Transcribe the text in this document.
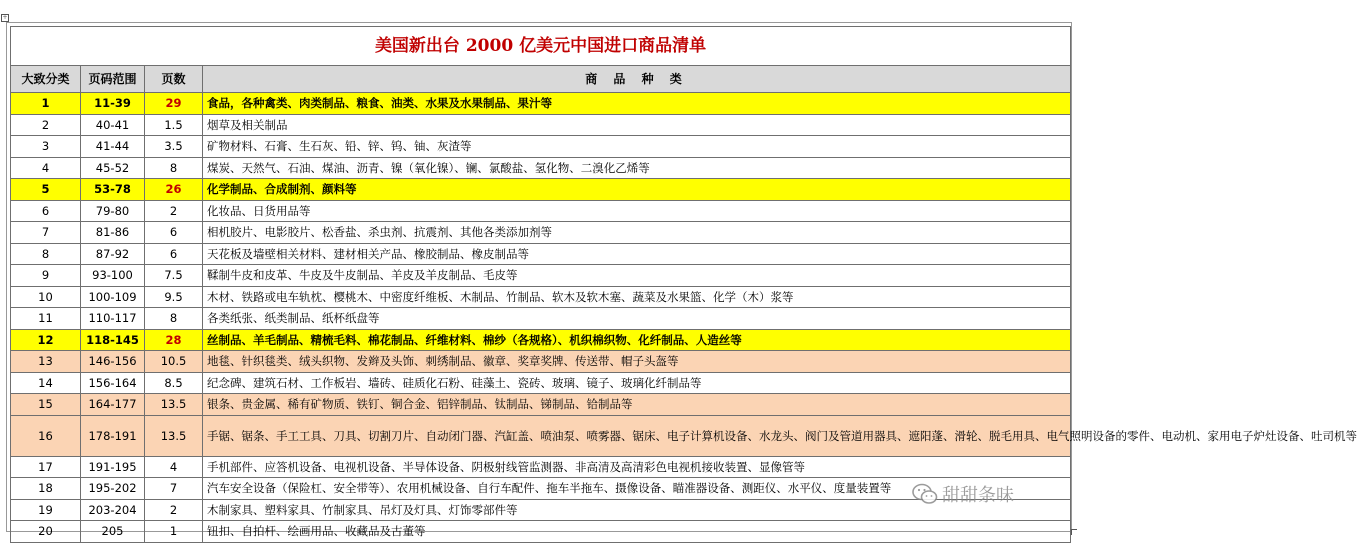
+
美国新出台 2000 亿美元中国进口商品清单			
大致分类	页码范围	页数	商 品 种 类
1	11-39	29	食品，各种禽类、肉类制品、粮食、油类、水果及水果制品、果汁等
2	40-41	1.5	烟草及相关制品
3	41-44	3.5	矿物材料、石膏、生石灰、铅、锌、钨、铀、灰渣等
4	45-52	8	煤炭、天然气、石油、煤油、沥青、镍（氧化镍）、镧、氯酸盐、氢化物、二溴化乙烯等
5	53-78	26	化学制品、合成制剂、颜料等
6	79-80	2	化妆品、日货用品等
7	81-86	6	相机胶片、电影胶片、松香盐、杀虫剂、抗震剂、其他各类添加剂等
8	87-92	6	天花板及墙壁相关材料、建材相关产品、橡胶制品、橡皮制品等
9	93-100	7.5	鞣制牛皮和皮革、牛皮及牛皮制品、羊皮及羊皮制品、毛皮等
10	100-109	9.5	木材、铁路或电车轨枕、樱桃木、中密度纤维板、木制品、竹制品、软木及软木塞、蔬菜及水果篮、化学（木）浆等
11	110-117	8	各类纸张、纸类制品、纸杯纸盘等
12	118-145	28	丝制品、羊毛制品、精梳毛料、棉花制品、纤维材料、棉纱（各规格）、机织棉织物、化纤制品、人造丝等
13	146-156	10.5	地毯、针织毯类、绒头织物、发辫及头饰、刺绣制品、徽章、奖章奖牌、传送带、帽子头盔等
14	156-164	8.5	纪念碑、建筑石材、工作板岩、墙砖、硅质化石粉、硅藻土、瓷砖、玻璃、镜子、玻璃化纤制品等
15	164-177	13.5	银条、贵金属、稀有矿物质、铁钉、铜合金、铝锌制品、钛制品、锑制品、铪制品等
16	178-191	13.5	手锯、锯条、手工工具、刀具、切割刀片、自动闭门器、汽缸盖、喷油泵、喷雾器、锯床、电子计算机设备、水龙头、阀门及管道用器具、遮阳蓬、滑轮、脱毛用具、电气照明设备的零件、电动机、家用电子炉灶设备、吐司机等
17	191-195	4	手机部件、应答机设备、电视机设备、半导体设备、阴极射线管监测器、非高清及高清彩色电视机接收装置、显像管等
18	195-202	7	汽车安全设备（保险杠、安全带等）、农用机械设备、自行车配件、拖车半拖车、摄像设备、瞄准器设备、测距仪、水平仪、度量装置等
19	203-204	2	木制家具、塑料家具、竹制家具、吊灯及灯具、灯饰零部件等
20	205	1	钮扣、自拍杆、绘画用品、收藏品及古董等
甜甜条味
